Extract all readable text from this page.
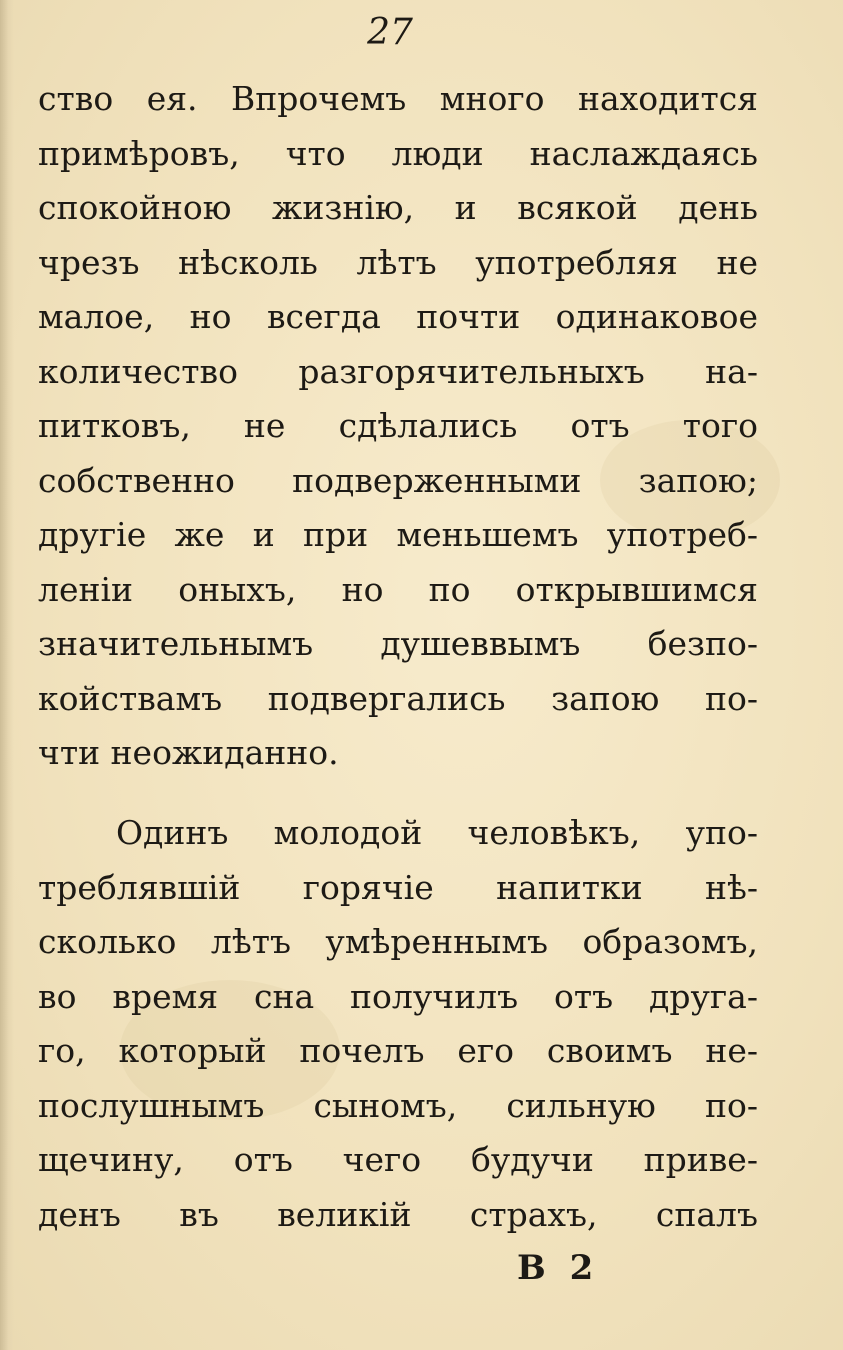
27
ство ея. Впрочемъ много находится
примѣровъ, что люди наслаждаясь
спокойною жизнію, и всякой день
чрезъ нѣсколь лѣтъ употребляя не
малое, но всегда почти одинаковое
количество разгорячительныхъ на-
питковъ, не сдѣлались отъ того
собственно подверженными запою;
другіе же и при меньшемъ употреб-
леніи оныхъ, но по открывшимся
значительнымъ душеввымъ безпо-
койствамъ подвергались запою по-
чти неожиданно.
Одинъ молодой человѣкъ, упо-
треблявшій горячіе напитки нѣ-
сколько лѣтъ умѣреннымъ образомъ,
во время сна получилъ отъ друга-
го, который почелъ его своимъ не-
послушнымъ сыномъ, сильную по-
щечину, отъ чего будучи приве-
денъ въ великій страхъ, спалъ
В 2
